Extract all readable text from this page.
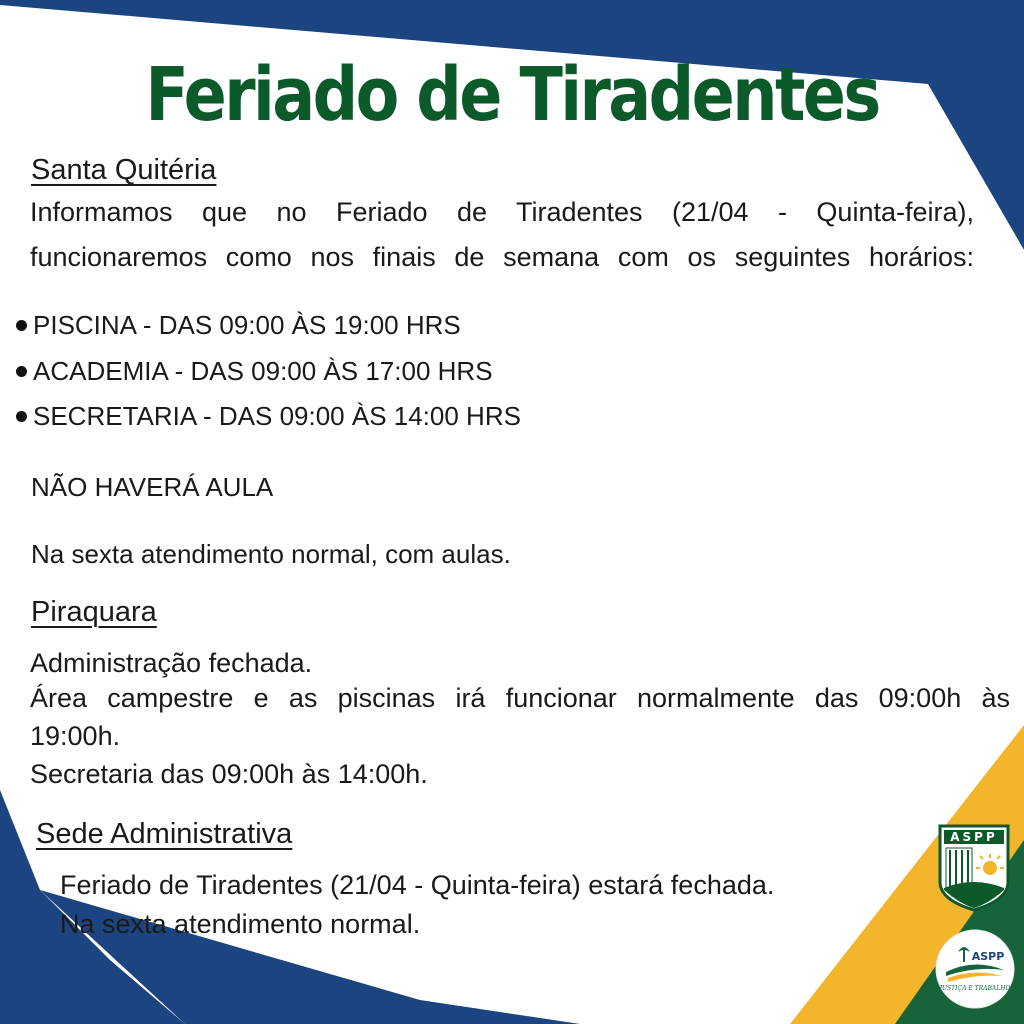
Feriado de Tiradentes
Santa Quitéria
Informamos que no Feriado de Tiradentes (21/04 - Quinta-feira),
funcionaremos como nos finais de semana com os seguintes horários:
PISCINA - DAS 09:00 ÀS 19:00 HRS
ACADEMIA - DAS 09:00 ÀS 17:00 HRS
SECRETARIA - DAS 09:00 ÀS 14:00 HRS
NÃO HAVERÁ AULA
Na sexta atendimento normal, com aulas.
Piraquara
Administração fechada.
Área campestre e as piscinas irá funcionar normalmente das 09:00h às
19:00h.
Secretaria das 09:00h às 14:00h.
Sede Administrativa
Feriado de Tiradentes (21/04 - Quinta-feira) estará fechada.
Na sexta atendimento normal.
ASPP
ASPP
JUSTIÇA E TRABALHO
